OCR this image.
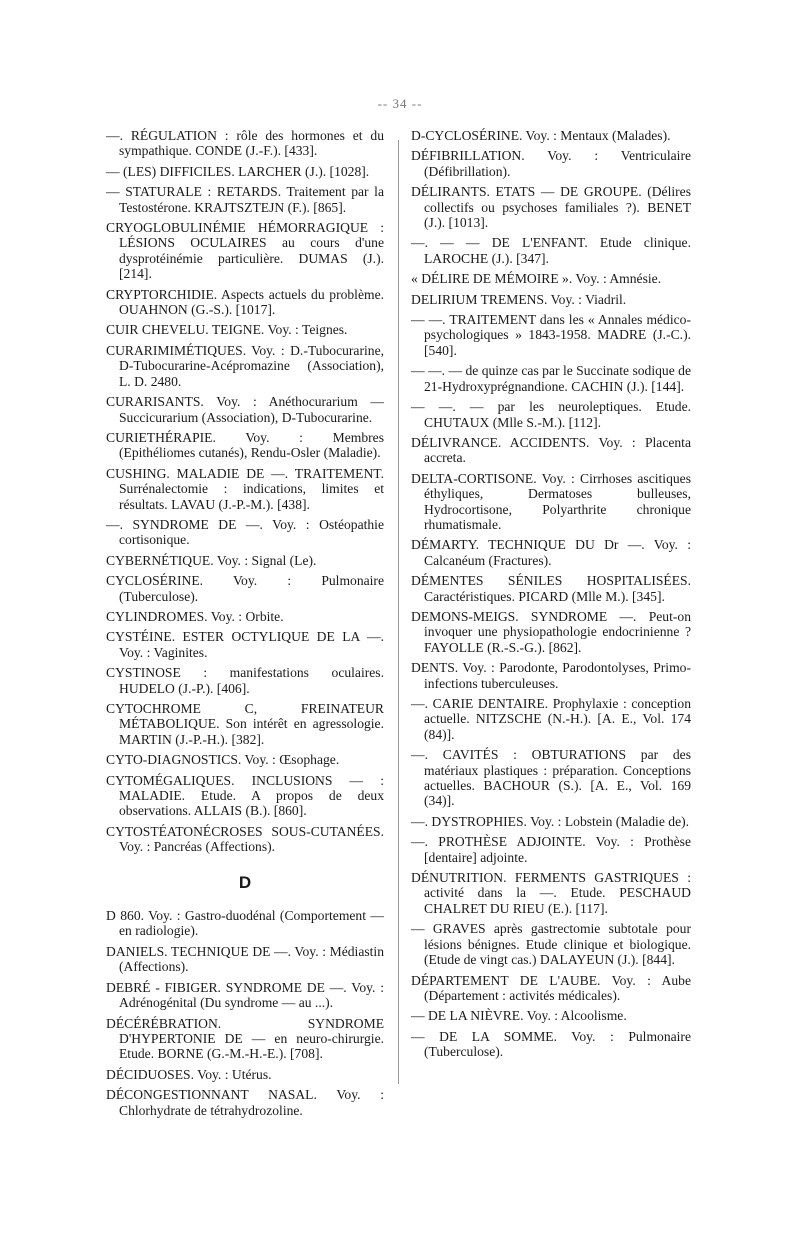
-- 34 --

—. RÉGULATION : rôle des hormones et du sympathique. CONDE (J.-F.). [433].

— (LES) DIFFICILES. LARCHER (J.). [1028].

— STATURALE : RETARDS. Traitement par la Testostérone. KRAJTSZTEJN (F.). [865].

CRYOGLOBULINÉMIE HÉMORRAGIQUE : LÉSIONS OCULAIRES au cours d'une dysprotéinémie particulière. DUMAS (J.). [214].

CRYPTORCHIDIE. Aspects actuels du problème. OUAHNON (G.-S.). [1017].

CUIR CHEVELU. TEIGNE. Voy. : Teignes.

CURARIMIMÉTIQUES. Voy. : D.-Tubocurarine, D-Tubocurarine-Acépromazine (Association), L. D. 2480.

CURARISANTS. Voy. : Anéthocurarium — Succicurarium (Association), D-Tubocurarine.

CURIETHÉRAPIE. Voy. : Membres (Epithéliomes cutanés), Rendu-Osler (Maladie).

CUSHING. MALADIE DE —. TRAITEMENT. Surrénalectomie : indications, limites et résultats. LAVAU (J.-P.-M.). [438].

—. SYNDROME DE —. Voy. : Ostéopathie cortisonique.

CYBERNÉTIQUE. Voy. : Signal (Le).

CYCLOSÉRINE. Voy. : Pulmonaire (Tuberculose).

CYLINDROMES. Voy. : Orbite.

CYSTÉINE. ESTER OCTYLIQUE DE LA —. Voy. : Vaginites.

CYSTINOSE : manifestations oculaires. HUDELO (J.-P.). [406].

CYTOCHROME C, FREINATEUR MÉTABOLIQUE. Son intérêt en agressologie. MARTIN (J.-P.-H.). [382].

CYTO-DIAGNOSTICS. Voy. : Œsophage.

CYTOMÉGALIQUES. INCLUSIONS — : MALADIE. Etude. A propos de deux observations. ALLAIS (B.). [860].

CYTOSTÉATONÉCROSES SOUS-CUTANÉES. Voy. : Pancréas (Affections).

D

D 860. Voy. : Gastro-duodénal (Comportement — en radiologie).

DANIELS. TECHNIQUE DE —. Voy. : Médiastin (Affections).

DEBRÉ - FIBIGER. SYNDROME DE —. Voy. : Adrénogénital (Du syndrome — au ...).

DÉCÉRÉBRATION. SYNDROME D'HYPERTONIE DE — en neuro-chirurgie. Etude. BORNE (G.-M.-H.-E.). [708].

DÉCIDUOSES. Voy. : Utérus.

DÉCONGESTIONNANT NASAL. Voy. : Chlorhydrate de tétrahydrozoline.

D-CYCLOSÉRINE. Voy. : Mentaux (Malades).

DÉFIBRILLATION. Voy. : Ventriculaire (Défibrillation).

DÉLIRANTS. ETATS — DE GROUPE. (Délires collectifs ou psychoses familiales ?). BENET (J.). [1013].

—. — — DE L'ENFANT. Etude clinique. LAROCHE (J.). [347].

« DÉLIRE DE MÉMOIRE ». Voy. : Amnésie.

DELIRIUM TREMENS. Voy. : Viadril.

— —. TRAITEMENT dans les « Annales médico-psychologiques » 1843-1958. MADRE (J.-C.). [540].

— —. — de quinze cas par le Succinate sodique de 21-Hydroxyprégnandione. CACHIN (J.). [144].

— —. — par les neuroleptiques. Etude. CHUTAUX (Mlle S.-M.). [112].

DÉLIVRANCE. ACCIDENTS. Voy. : Placenta accreta.

DELTA-CORTISONE. Voy. : Cirrhoses ascitiques éthyliques, Dermatoses bulleuses, Hydrocortisone, Polyarthrite chronique rhumatismale.

DÉMARTY. TECHNIQUE DU Dr —. Voy. : Calcanéum (Fractures).

DÉMENTES SÉNILES HOSPITALISÉES. Caractéristiques. PICARD (Mlle M.). [345].

DEMONS-MEIGS. SYNDROME —. Peut-on invoquer une physiopathologie endocrinienne ? FAYOLLE (R.-S.-G.). [862].

DENTS. Voy. : Parodonte, Parodontolyses, Primo-infections tuberculeuses.

—. CARIE DENTAIRE. Prophylaxie : conception actuelle. NITZSCHE (N.-H.). [A. E., Vol. 174 (84)].

—. CAVITÉS : OBTURATIONS par des matériaux plastiques : préparation. Conceptions actuelles. BACHOUR (S.). [A. E., Vol. 169 (34)].

—. DYSTROPHIES. Voy. : Lobstein (Maladie de).

—. PROTHÈSE ADJOINTE. Voy. : Prothèse [dentaire] adjointe.

DÉNUTRITION. FERMENTS GASTRIQUES : activité dans la —. Etude. PESCHAUD CHALRET DU RIEU (E.). [117].

— GRAVES après gastrectomie subtotale pour lésions bénignes. Etude clinique et biologique. (Etude de vingt cas.) DALAYEUN (J.). [844].

DÉPARTEMENT DE L'AUBE. Voy. : Aube (Département : activités médicales).

— DE LA NIÈVRE. Voy. : Alcoolisme.

— DE LA SOMME. Voy. : Pulmonaire (Tuberculose).
